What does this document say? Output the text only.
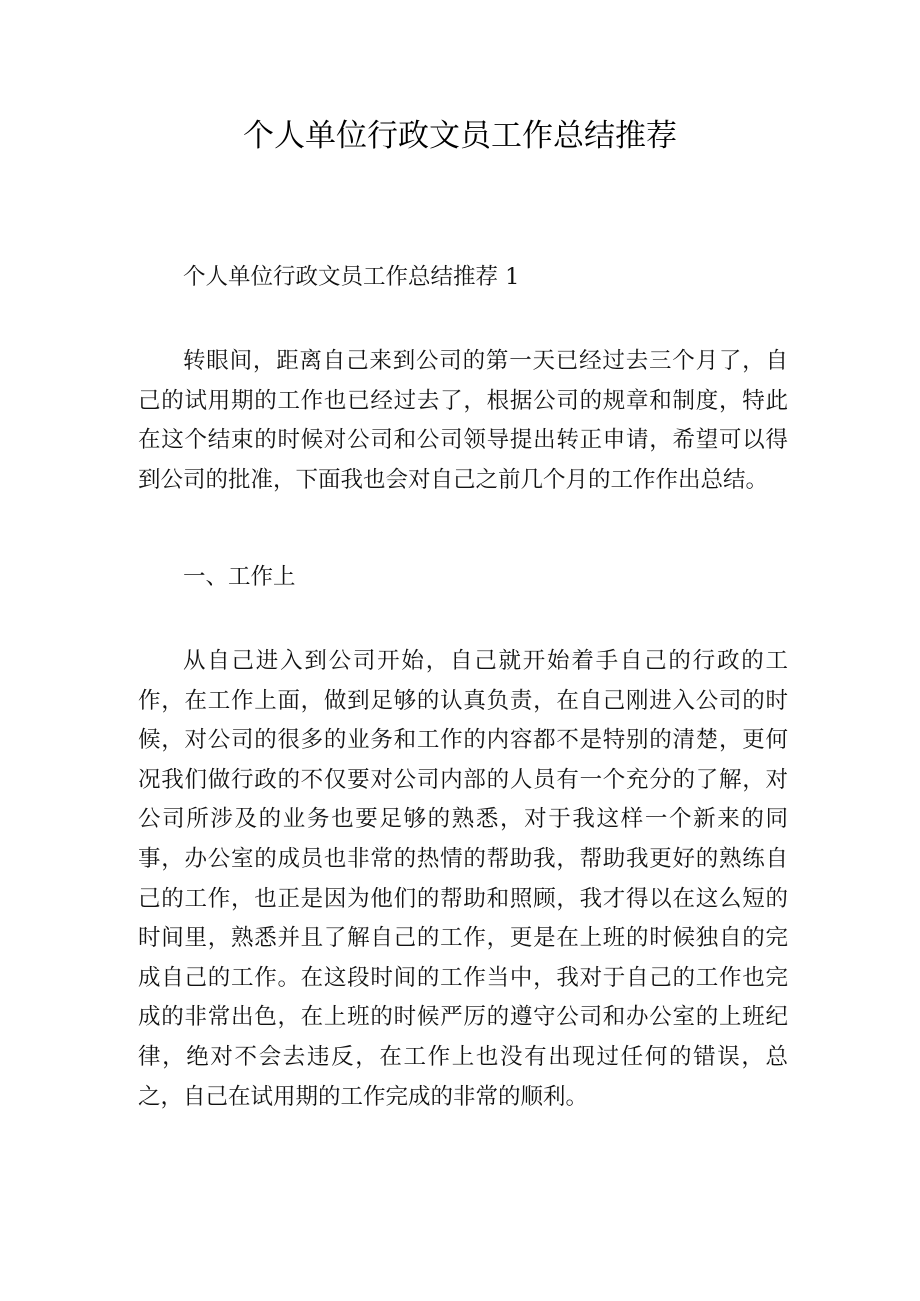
个人单位行政文员工作总结推荐

个人单位行政文员工作总结推荐 1

转眼间，距离自己来到公司的第一天已经过去三个月了，自己的试用期的工作也已经过去了，根据公司的规章和制度，特此在这个结束的时候对公司和公司领导提出转正申请，希望可以得到公司的批准，下面我也会对自己之前几个月的工作作出总结。

一、工作上

从自己进入到公司开始，自己就开始着手自己的行政的工作，在工作上面，做到足够的认真负责，在自己刚进入公司的时候，对公司的很多的业务和工作的内容都不是特别的清楚，更何况我们做行政的不仅要对公司内部的人员有一个充分的了解，对公司所涉及的业务也要足够的熟悉，对于我这样一个新来的同事，办公室的成员也非常的热情的帮助我，帮助我更好的熟练自己的工作，也正是因为他们的帮助和照顾，我才得以在这么短的时间里，熟悉并且了解自己的工作，更是在上班的时候独自的完成自己的工作。在这段时间的工作当中，我对于自己的工作也完成的非常出色，在上班的时候严厉的遵守公司和办公室的上班纪律，绝对不会去违反，在工作上也没有出现过任何的错误，总之，自己在试用期的工作完成的非常的顺利。
